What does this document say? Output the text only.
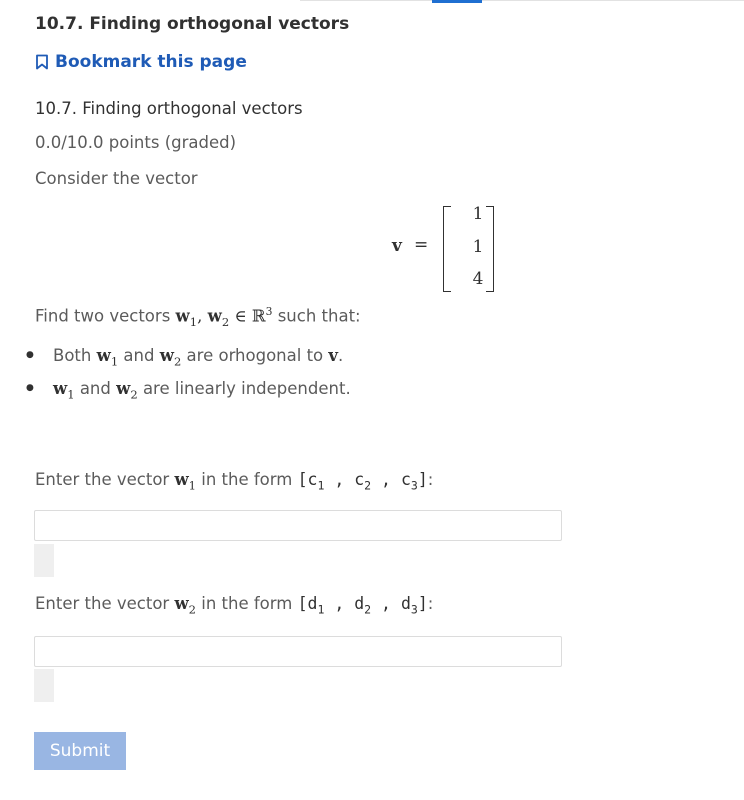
10.7. Finding orthogonal vectors
Bookmark this page
10.7. Finding orthogonal vectors
0.0/10.0 points (graded)
Consider the vector
v =
1
1
4
Find two vectors $w_1$, $w_2$ ∈ ℝ$^3$ such that:
● Both $w_1$ and $w_2$ are orhogonal to v.
● $w_1$ and $w_2$ are linearly independent.
Enter the vector $w_1$ in the form [$c_1$ , $c_2$ , $c_3$]:
Enter the vector $w_2$ in the form [$d_1$ , $d_2$ , $d_3$]:
Submit
